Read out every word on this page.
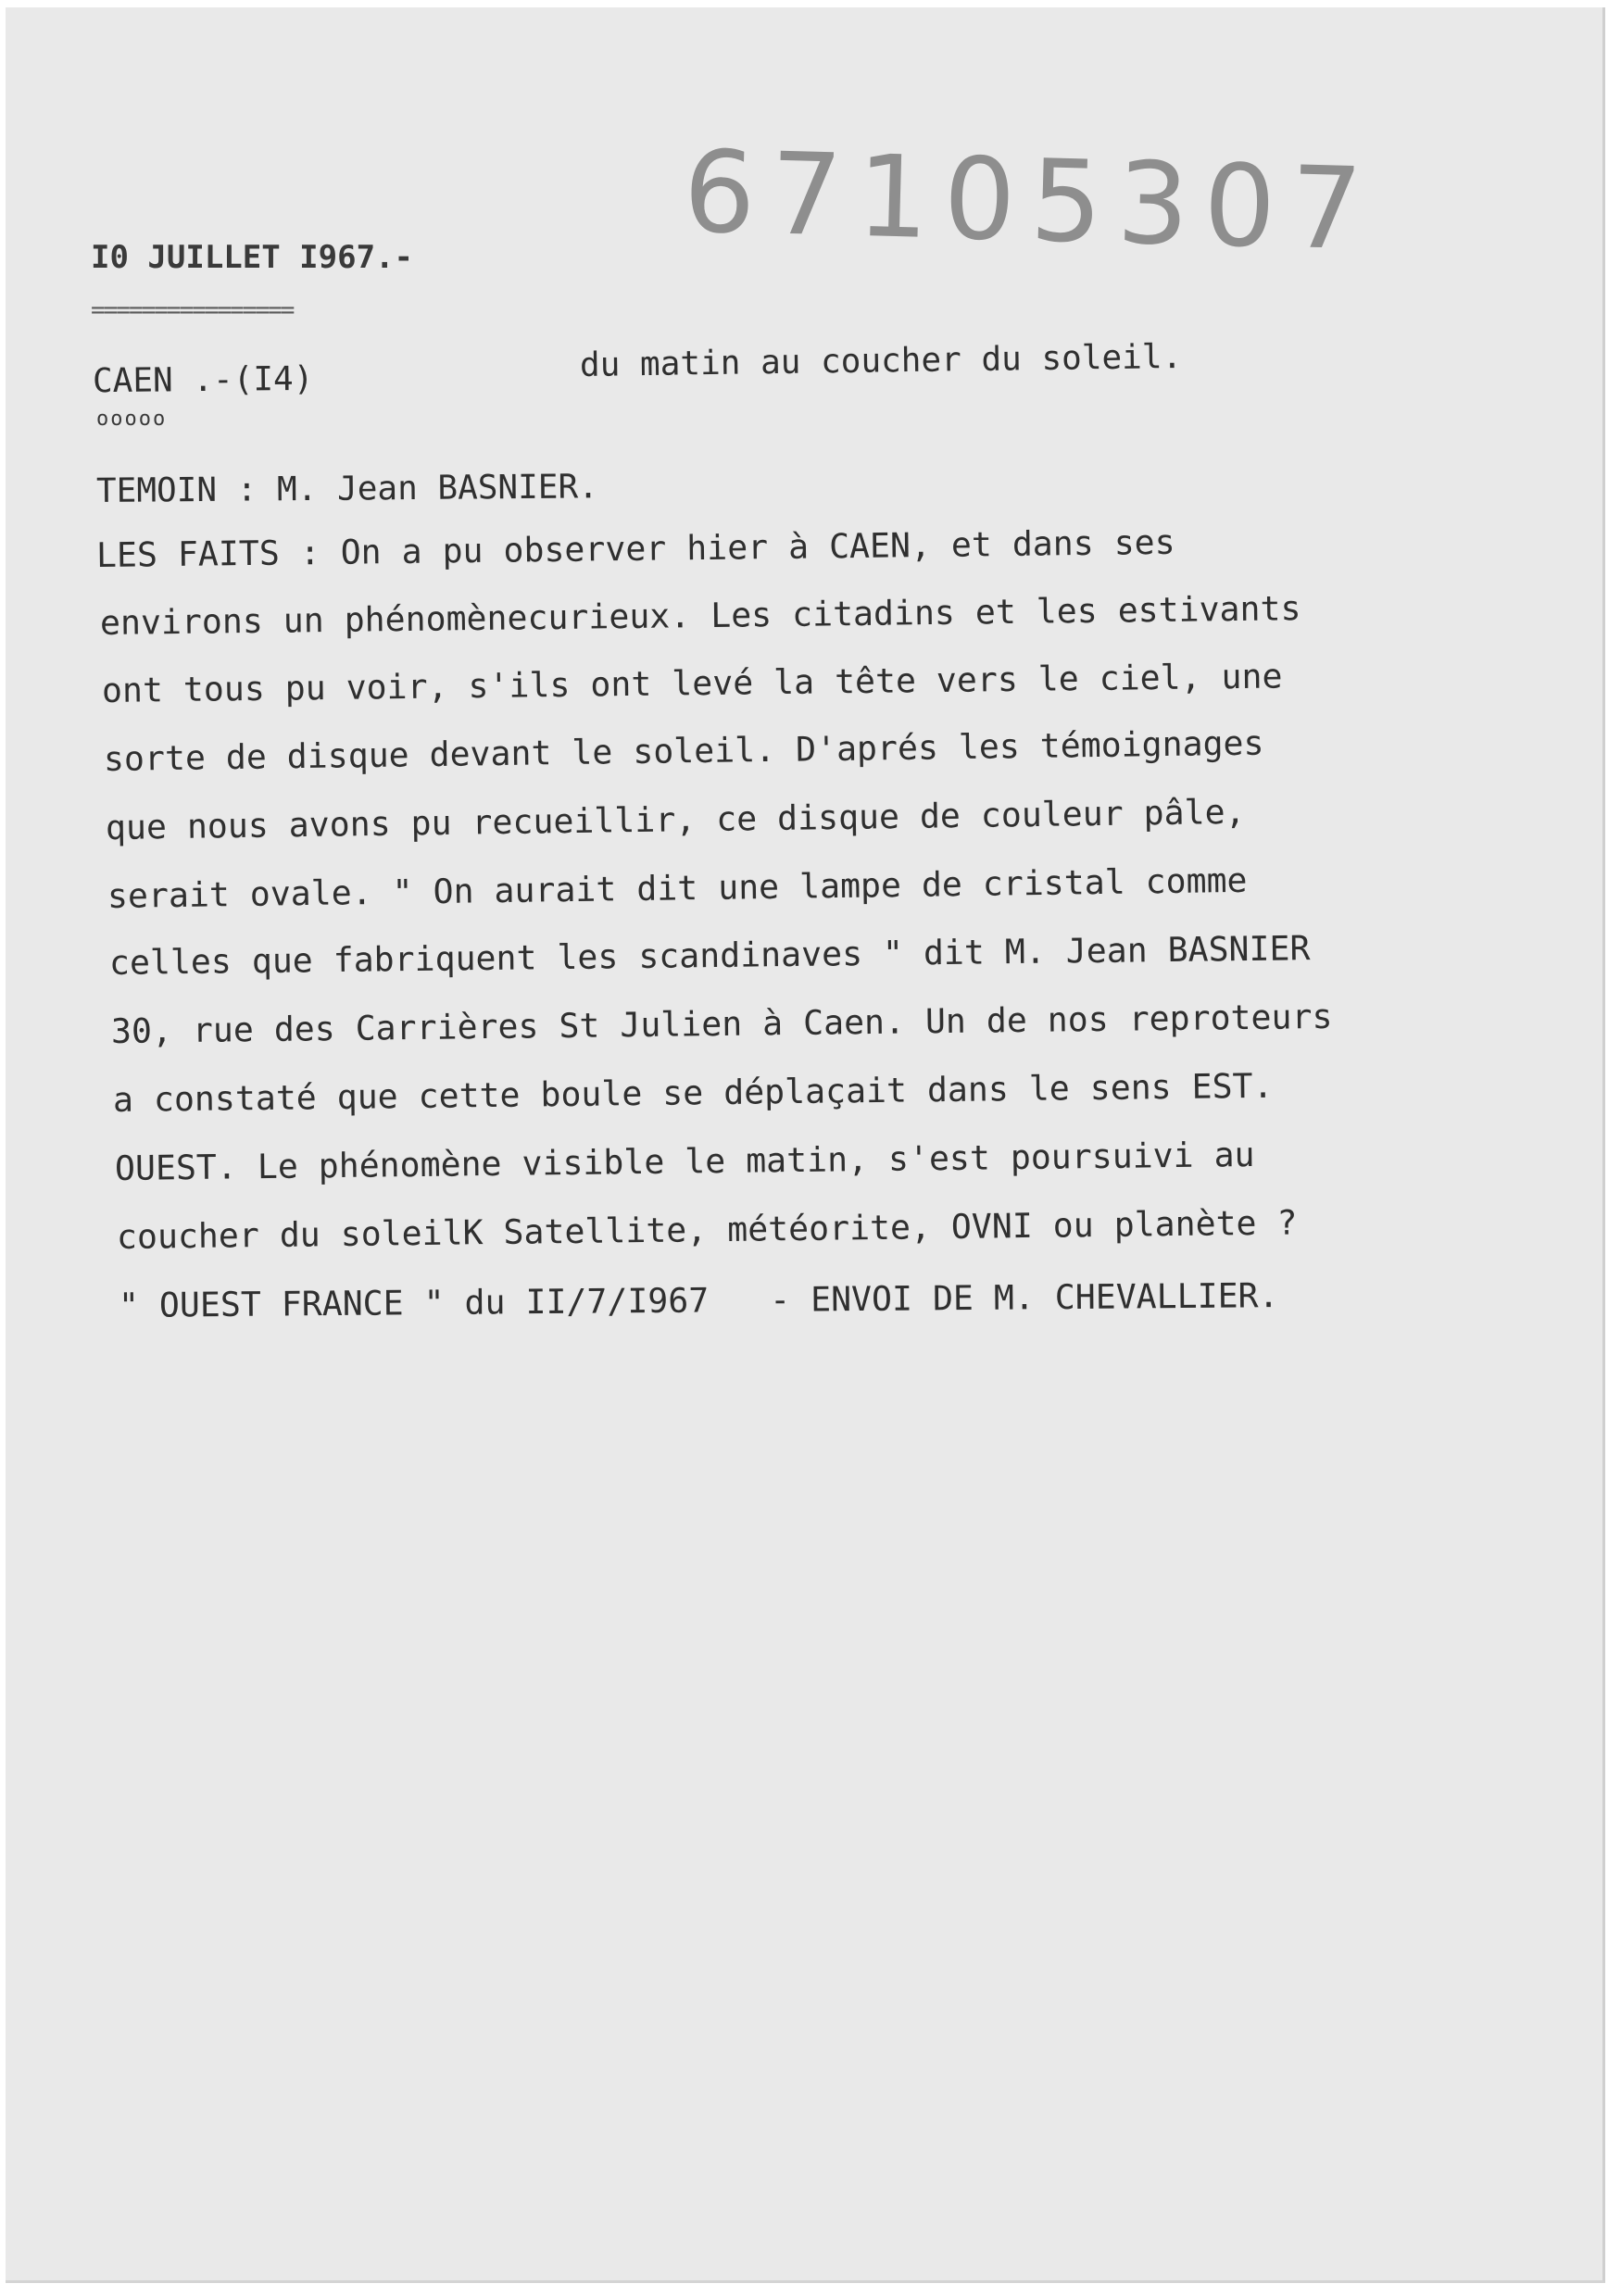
67105307
I0 JUILLET I967.-
================
CAEN .-(I4)
ooooo
du matin au coucher du soleil.
TEMOIN : M. Jean BASNIER.
LES FAITS : On a pu observer hier à CAEN, et dans ses
environs un phénomènecurieux. Les citadins et les estivants
ont tous pu voir, s'ils ont levé la tête vers le ciel, une
sorte de disque devant le soleil. D'aprés les témoignages
que nous avons pu recueillir, ce disque de couleur pâle,
serait ovale. " On aurait dit une lampe de cristal comme
celles que fabriquent les scandinaves " dit M. Jean BASNIER
30, rue des Carrières St Julien à Caen. Un de nos reproteurs
a constaté que cette boule se déplaçait dans le sens EST.
OUEST. Le phénomène visible le matin, s'est poursuivi au
coucher du soleilK Satellite, météorite, OVNI ou planète ?
" OUEST FRANCE " du II/7/I967   - ENVOI DE M. CHEVALLIER.
